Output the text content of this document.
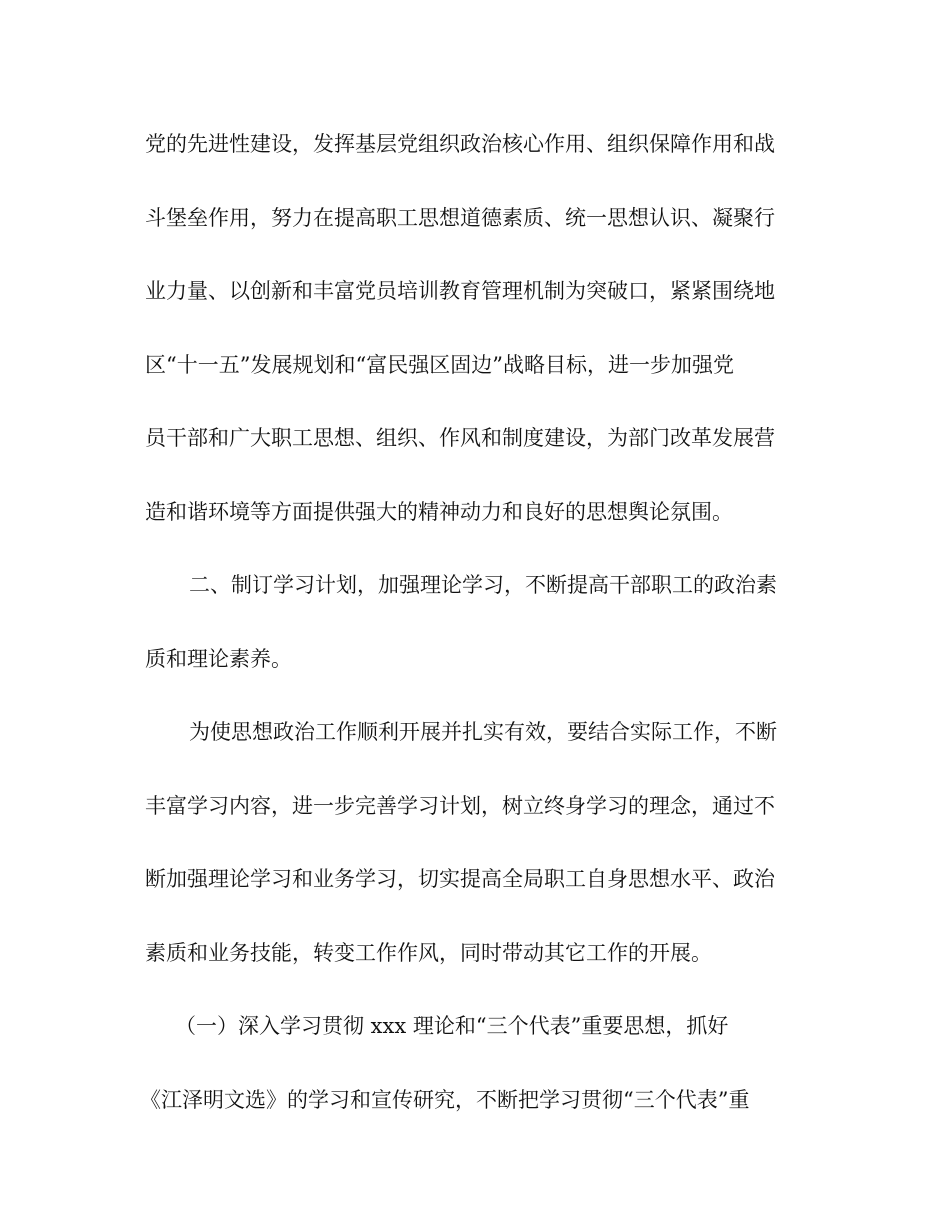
党的先进性建设，发挥基层党组织政治核心作用、组织保障作用和战
斗堡垒作用，努力在提高职工思想道德素质、统一思想认识、凝聚行
业力量、以创新和丰富党员培训教育管理机制为突破口，紧紧围绕地
区“十一五”发展规划和“富民强区固边”战略目标，进一步加强党
员干部和广大职工思想、组织、作风和制度建设，为部门改革发展营
造和谐环境等方面提供强大的精神动力和良好的思想舆论氛围。
二、制订学习计划，加强理论学习，不断提高干部职工的政治素
质和理论素养。
为使思想政治工作顺利开展并扎实有效，要结合实际工作，不断
丰富学习内容，进一步完善学习计划，树立终身学习的理念，通过不
断加强理论学习和业务学习，切实提高全局职工自身思想水平、政治
素质和业务技能，转变工作作风，同时带动其它工作的开展。
（一）深入学习贯彻 xxx 理论和“三个代表”重要思想，抓好
《江泽明文选》的学习和宣传研究，不断把学习贯彻“三个代表”重
